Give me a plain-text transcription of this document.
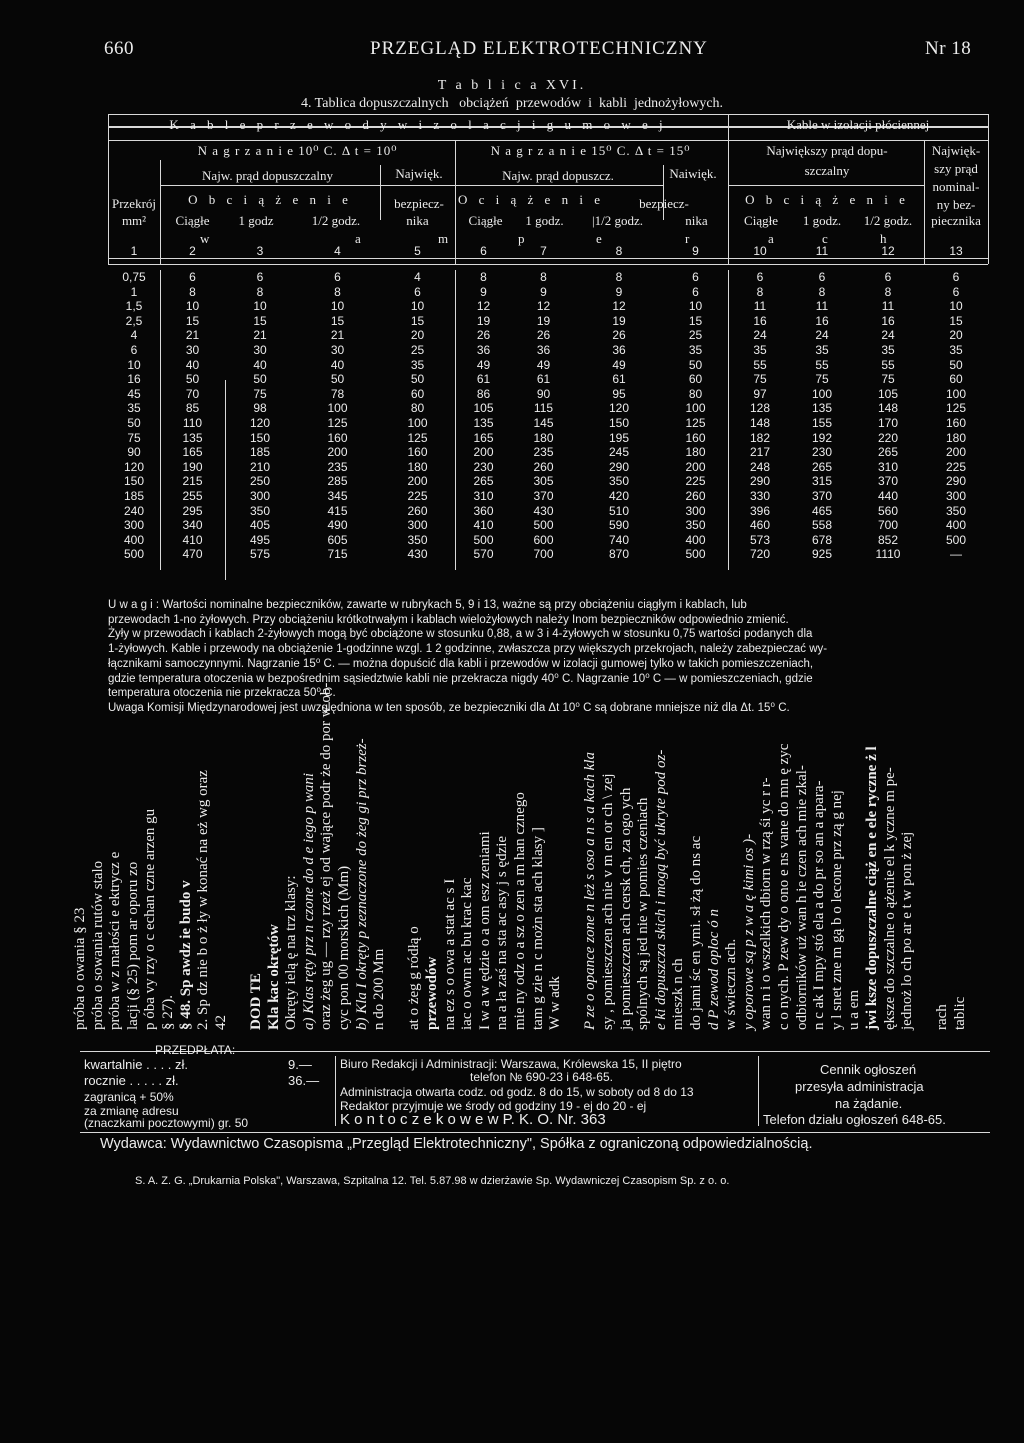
660	PRZEGLĄD ELEKTROTECHNICZNY	Nr 18
T a b l i c a XVI.
4. Tablica dopuszczalnych   obciążeń  przewodów  i  kabli  jednożyłowych.
K a b l e p r z e w o d y w i z o l a c j i g u m o w e j	Kable w izolacji płóciennej
N a g r z a n i e 10⁰ C. Δ t = 10⁰	N a g r z a n i e 15⁰ C. Δ t = 15⁰	Największy prąd dopu-
szczalny
Najwięk-
szy prąd
nominal-
ny bez-
piecznika
Najw. prąd dopuszczalny	Najwięk.	Najw. prąd dopuszcz.	Naiwięk.
Przekrój
mm²
O b c i ą ż e n i e	bezpiecz-	O c i ą ż e n i e	bezpiecz-	O b c i ą ż e n i e
Ciągłe	1 godz	1/2 godz.	nika	Ciągłe	1 godz.	|1/2 godz.	nika	Ciągłe	1 godz.	1/2 godz.
w	a	m	p	e	r	a	c	h
1	2	3	4	5	6	7	8	9	10	11	12	13
0,75	6	6	6	4	8	8	8	6	6	6	6	6
1	8	8	8	6	9	9	9	6	8	8	8	6
1,5	10	10	10	10	12	12	12	10	11	11	11	10
2,5	15	15	15	15	19	19	19	15	16	16	16	15
4	21	21	21	20	26	26	26	25	24	24	24	20
6	30	30	30	25	36	36	36	35	35	35	35	35
10	40	40	40	35	49	49	49	50	55	55	55	50
16	50	50	50	50	61	61	61	60	75	75	75	60
45	70	75	78	60	86	90	95	80	97	100	105	100
35	85	98	100	80	105	115	120	100	128	135	148	125
50	110	120	125	100	135	145	150	125	148	155	170	160
75	135	150	160	125	165	180	195	160	182	192	220	180
90	165	185	200	160	200	235	245	180	217	230	265	200
120	190	210	235	180	230	260	290	200	248	265	310	225
150	215	250	285	200	265	305	350	225	290	315	370	290
185	255	300	345	225	310	370	420	260	330	370	440	300
240	295	350	415	260	360	430	510	300	396	465	560	350
300	340	405	490	300	410	500	590	350	460	558	700	400
400	410	495	605	350	500	600	740	400	573	678	852	500
500	470	575	715	430	570	700	870	500	720	925	1110	—

U w a g i : Wartości nominalne bezpieczników, zawarte w rubrykach 5, 9 i 13, ważne są przy obciążeniu ciągłym i kablach, lub

przewodach 1-no żyłowych. Przy obciążeniu krótkotrwałym i kablach wielożyłowych należy Inom bezpieczników odpowiednio zmienić.

Żyły w przewodach i kablach 2-żyłowych mogą być obciążone w stosunku 0,88, a w 3 i 4-żyłowych w stosunku 0,75 wartości podanych dla

1-żyłowych. Kable i przewody na obciążenie 1-godzinne wzgl. 1 2 godzinne, zwłaszcza przy większych przekrojach, należy zabezpieczać wy-

łącznikami samoczynnymi. Nagrzanie 15⁰ C. — można dopuścić dla kabli i przewodów w izolacji gumowej tylko w takich pomieszczeniach,

gdzie temperatura otoczenia w bezpośrednim sąsiedztwie kabli nie przekracza nigdy 40⁰ C. Nagrzanie 10⁰ C — w pomieszczeniach, gdzie

temperatura otoczenia nie przekracza 50⁰ C.

Uwaga Komisji Międzynarodowej jest uwzględniona w ten sposób, ze bezpieczniki dla Δt 10⁰ C są dobrane mniejsze niż dla Δt. 15⁰ C.

próba o owania § 23 próba o sowania rutów stalo próba w z małości e ektrycz e lacji (§ 25) pom ar oporu zo p óba vy rzy o c echan czne arzen gu § 27). § 48. Sp awdz ie budo v 2. Sp dz nie b o ż ły w konać na eż wg oraz 42 DOD TE Kla kac okrętów Okręty ielą ę na trz klasy: a) Klas ręty prz n czone do d e iego p wani oraz żeg ug — rzy rzeż ej od wające podr że do por w ob- cyc pon 00 morskich (Mm) b) Kla I okręty p zeznaczone do żeg gi prz brzeż- n do 200 Mm at o żeg g ródłą o przewodów na ez s o owa a stat ac s I iac o owm ac bu krac kac I w a w ędzie o a om esz zeniami na a ła zaś na sta ac asy j s ędzie mie ny odz o a sz o zen a m han cznego tam g zie n c możn sta ach klasy ] W w adk P ze o opance zone n leż s oso a n s a kach kla sy , pomieszczen ach nie v m en or ch \ zej ja pomieszczen ach cersk ch, za ogo ych spólnych są jed nie w pomies czeniach e ki dopuszcza skich i mogą być ukryte pod oz- mieszk n ch do jami śc en ymi. sł żą do ns ac d P zewod oploc ó n w świeczn ach. y oporowe są p z w a ę kimi os )- wan n i o wszelkich dbiorn w rzą śi yc r r- c o nych. P zew dy o ono e ns vane do mn ę zyc odbiorników uż wan h ie czen ach mie zkal- n c ak I mpy stó ela a do pr so an a apara- y l snet zne m gą b o lecone prz zą g nej u a em jwi ksze dopuszczalne ciąż en e ele ryczne ż l ększe do szczalne o ążenie el k yczne m pe- jednoż lo ch po ar e t w pon ż zej rach tablic
PRZEDPŁATA:
kwartalnie . . . . zł.	9.—
rocznie . . . . . zł.	36.—
zagranicą + 50%
za zmianę adresu
(znaczkami pocztowymi) gr. 50
Biuro Redakcji i Administracji: Warszawa, Królewska 15, II piętro
telefon № 690-23 i 648-65.
Administracja otwarta codz. od godz. 8 do 15, w soboty od 8 do 13
Redaktor przyjmuje we środy od godziny 19 - ej do 20 - ej
K o n t o c z e k o w e w P. K. O. Nr. 363
Cennik ogłoszeń
przesyła administracja
na żądanie.
Telefon działu ogłoszeń 648-65.
Wydawca: Wydawnictwo Czasopisma „Przegląd Elektrotechniczny", Spółka z ograniczoną odpowiedzialnością.
S. A. Z. G. „Drukarnia Polska", Warszawa, Szpitalna 12. Tel. 5.87.98 w dzierżawie Sp. Wydawniczej Czasopism Sp. z o. o.
